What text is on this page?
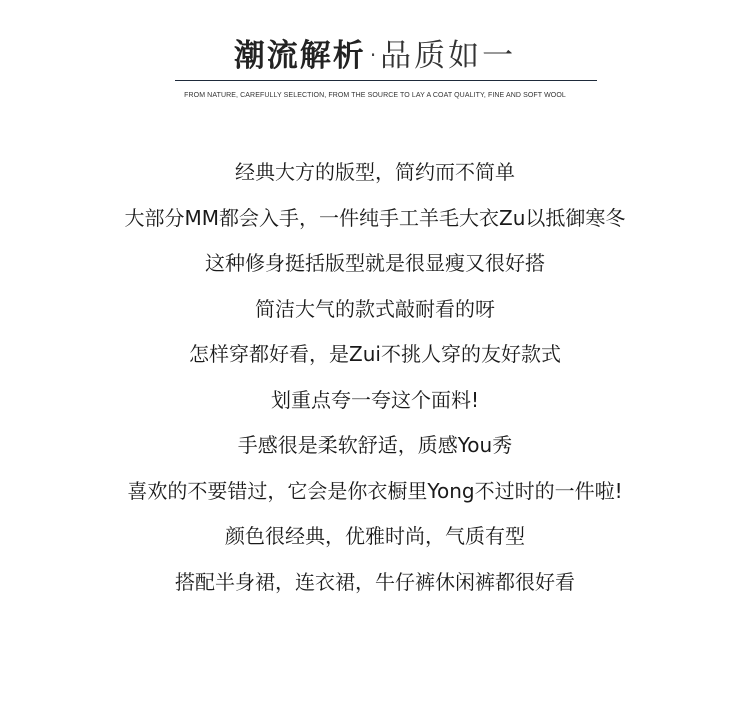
潮流解析 · 品质如一
FROM NATURE, CAREFULLY SELECTION, FROM THE SOURCE TO LAY A COAT QUALITY, FINE AND SOFT WOOL
经典大方的版型，简约而不简单
大部分MM都会入手，一件纯手工羊毛大衣Zu以抵御寒冬
这种修身挺括版型就是很显瘦又很好搭
简洁大气的款式敲耐看的呀
怎样穿都好看，是Zui不挑人穿的友好款式
划重点夸一夸这个面料!
手感很是柔软舒适，质感You秀
喜欢的不要错过，它会是你衣橱里Yong不过时的一件啦!
颜色很经典，优雅时尚，气质有型
搭配半身裙，连衣裙，牛仔裤休闲裤都很好看
